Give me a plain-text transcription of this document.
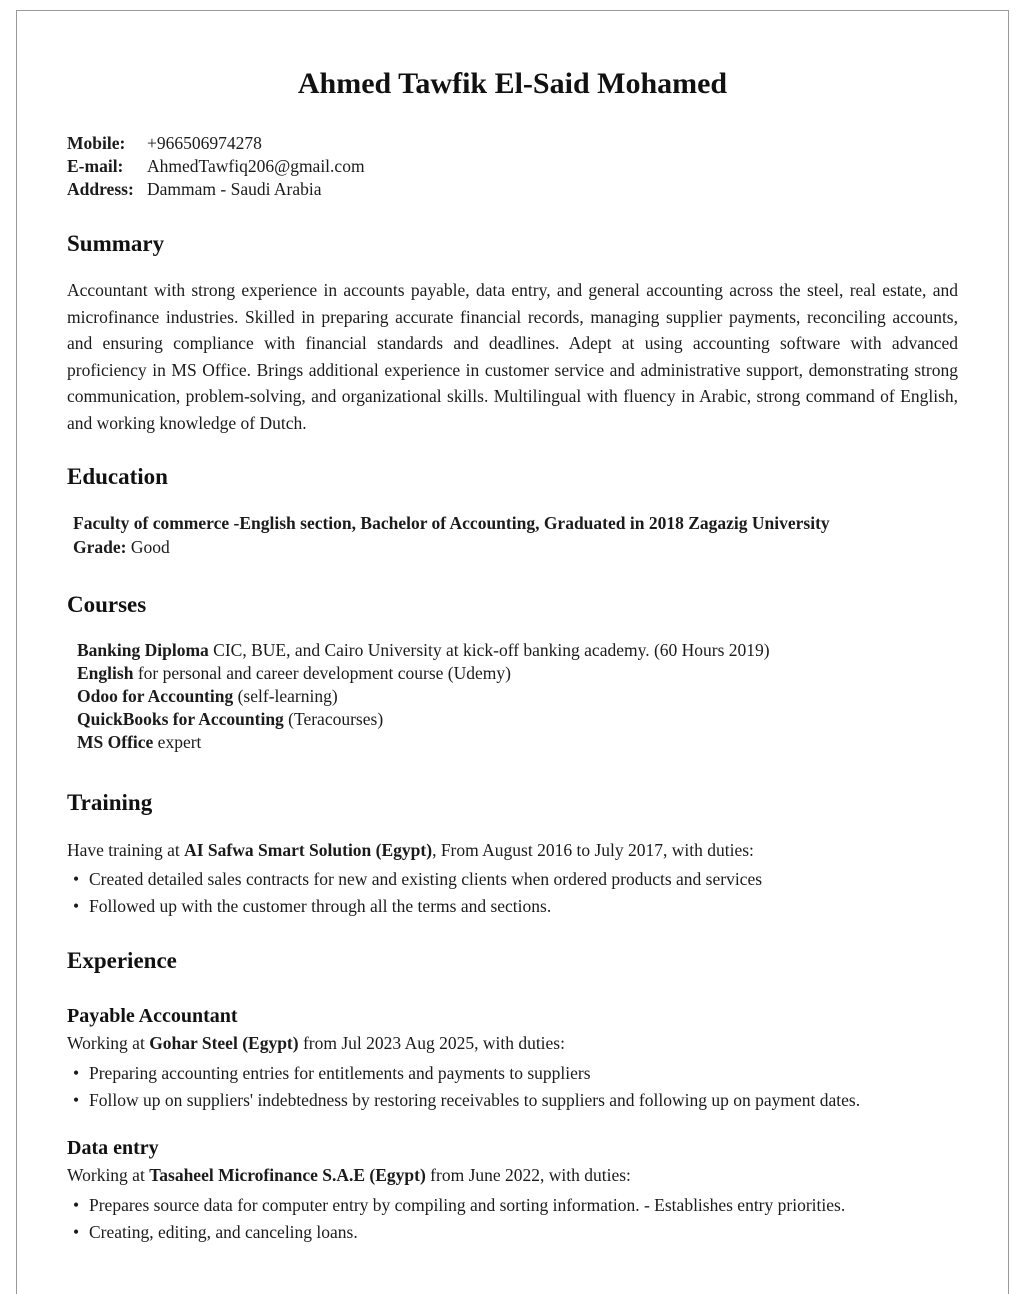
Ahmed Tawfik El-Said Mohamed
Mobile: +966506974278
E-mail: AhmedTawfiq206@gmail.com
Address: Dammam - Saudi Arabia
Summary

Accountant with strong experience in accounts payable, data entry, and general accounting across the steel, real estate, and microfinance industries. Skilled in preparing accurate financial records, managing supplier payments, reconciling accounts, and ensuring compliance with financial standards and deadlines. Adept at using accounting software with advanced proficiency in MS Office. Brings additional experience in customer service and administrative support, demonstrating strong communication, problem-solving, and organizational skills. Multilingual with fluency in Arabic, strong command of English, and working knowledge of Dutch.

Education
Faculty of commerce -English section, Bachelor of Accounting, Graduated in 2018 Zagazig University
Grade: Good
Courses
Banking Diploma CIC, BUE, and Cairo University at kick-off banking academy. (60 Hours 2019)
English for personal and career development course (Udemy)
Odoo for Accounting (self-learning)
QuickBooks for Accounting (Teracourses)
MS Office expert
Training

Have training at AI Safwa Smart Solution (Egypt), From August 2016 to July 2017, with duties:

• Created detailed sales contracts for new and existing clients when ordered products and services
• Followed up with the customer through all the terms and sections.
Experience
Payable Accountant

Working at Gohar Steel (Egypt) from Jul 2023 Aug 2025, with duties:

• Preparing accounting entries for entitlements and payments to suppliers
• Follow up on suppliers' indebtedness by restoring receivables to suppliers and following up on payment dates.
Data entry

Working at Tasaheel Microfinance S.A.E (Egypt) from June 2022, with duties:

• Prepares source data for computer entry by compiling and sorting information. - Establishes entry priorities.
• Creating, editing, and canceling loans.
